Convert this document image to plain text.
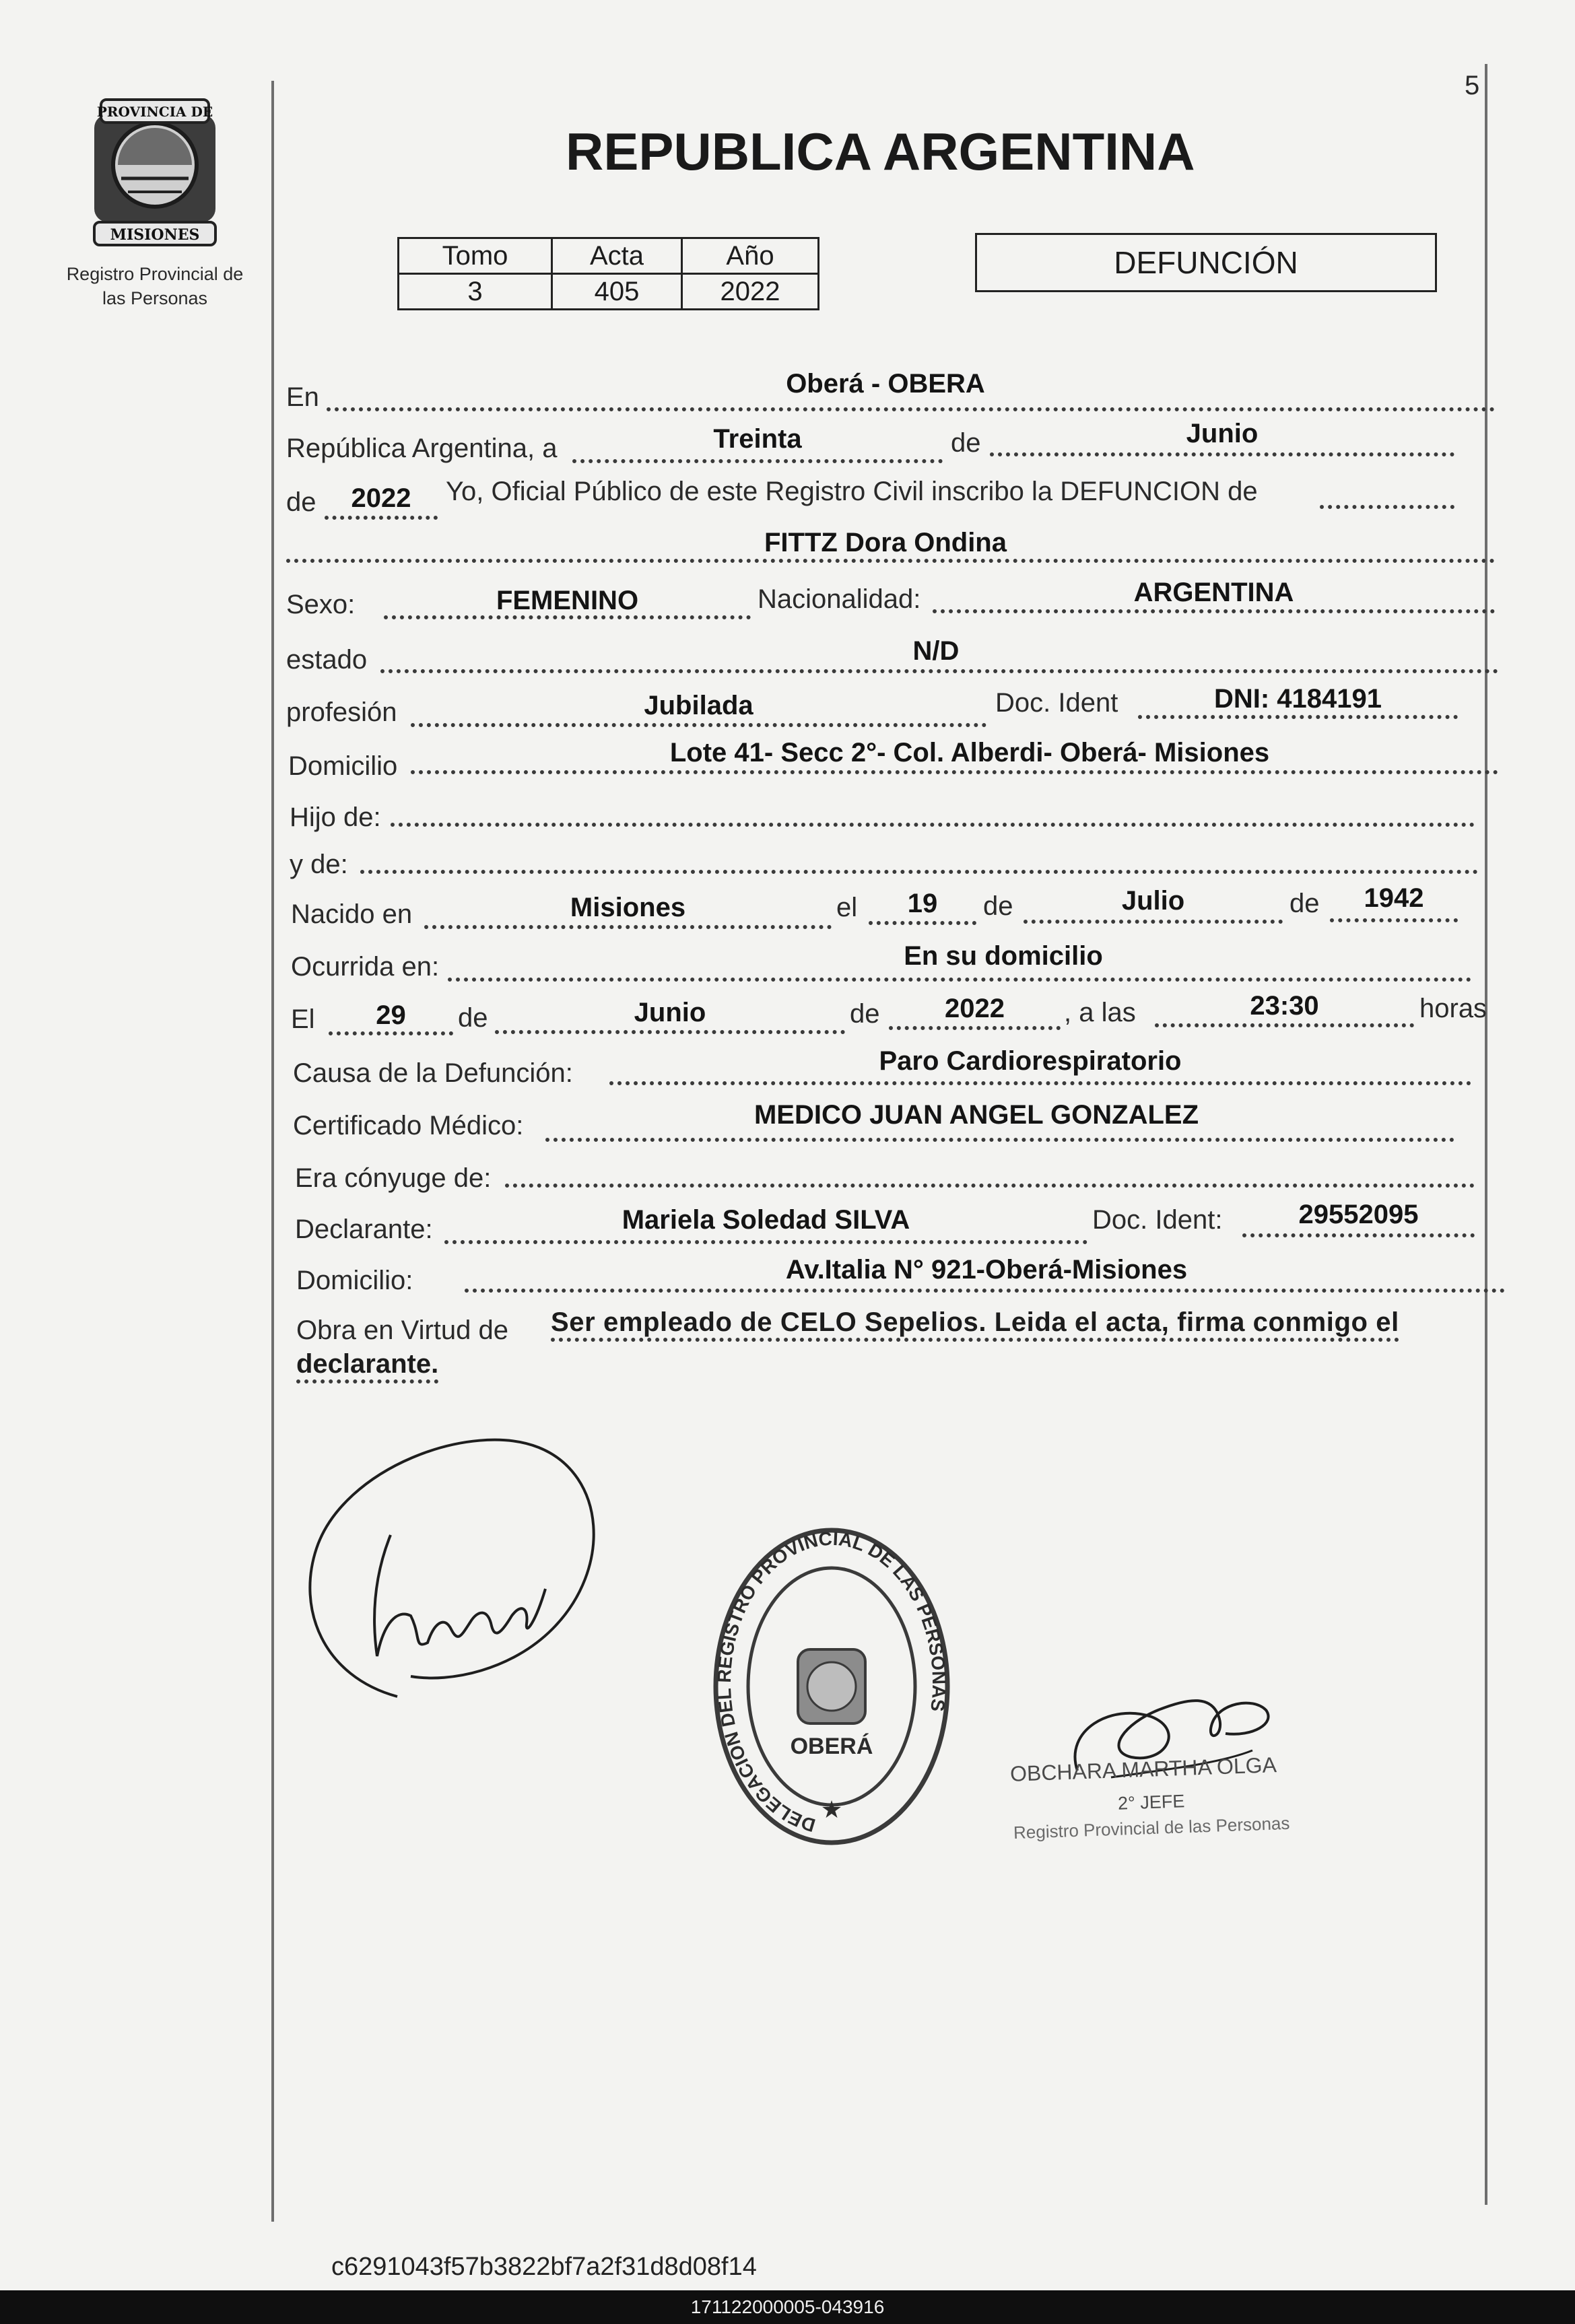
5
PROVINCIA DE
MISIONES
Registro Provincial de
las Personas
REPUBLICA ARGENTINA
Tomo	Acta	Año
3	405	2022
DEFUNCIÓN
En	Oberá - OBERA
República Argentina, a	Treinta	de	Junio
de	2022	Yo, Oficial Público de este Registro Civil inscribo la DEFUNCION de
FITTZ Dora Ondina
Sexo:	FEMENINO	Nacionalidad:	ARGENTINA
estado	N/D
profesión	Jubilada	Doc. Ident	DNI: 4184191
Domicilio	Lote 41- Secc 2°- Col. Alberdi- Oberá- Misiones
Hijo de:
y de:
Nacido en	Misiones	el	19	de	Julio	de	1942
Ocurrida en:	En su domicilio
El	29	de	Junio	de	2022	, a las	23:30	horas
Causa de la Defunción:	Paro Cardiorespiratorio
Certificado Médico:	MEDICO JUAN ANGEL GONZALEZ
Era cónyuge de:
Declarante:	Mariela Soledad SILVA	Doc. Ident:	29552095
Domicilio:	Av.Italia N° 921-Oberá-Misiones
Obra en Virtud de Ser empleado de CELO Sepelios. Leida el acta, firma conmigo el
declarante.
DELEGACION DEL REGISTRO PROVINCIAL DE LAS PERSONAS
OBERÁ
★
OBCHARA MARTHA OLGA
2° JEFE
Registro Provincial de las Personas
c6291043f57b3822bf7a2f31d8d08f14
171122000005-043916
